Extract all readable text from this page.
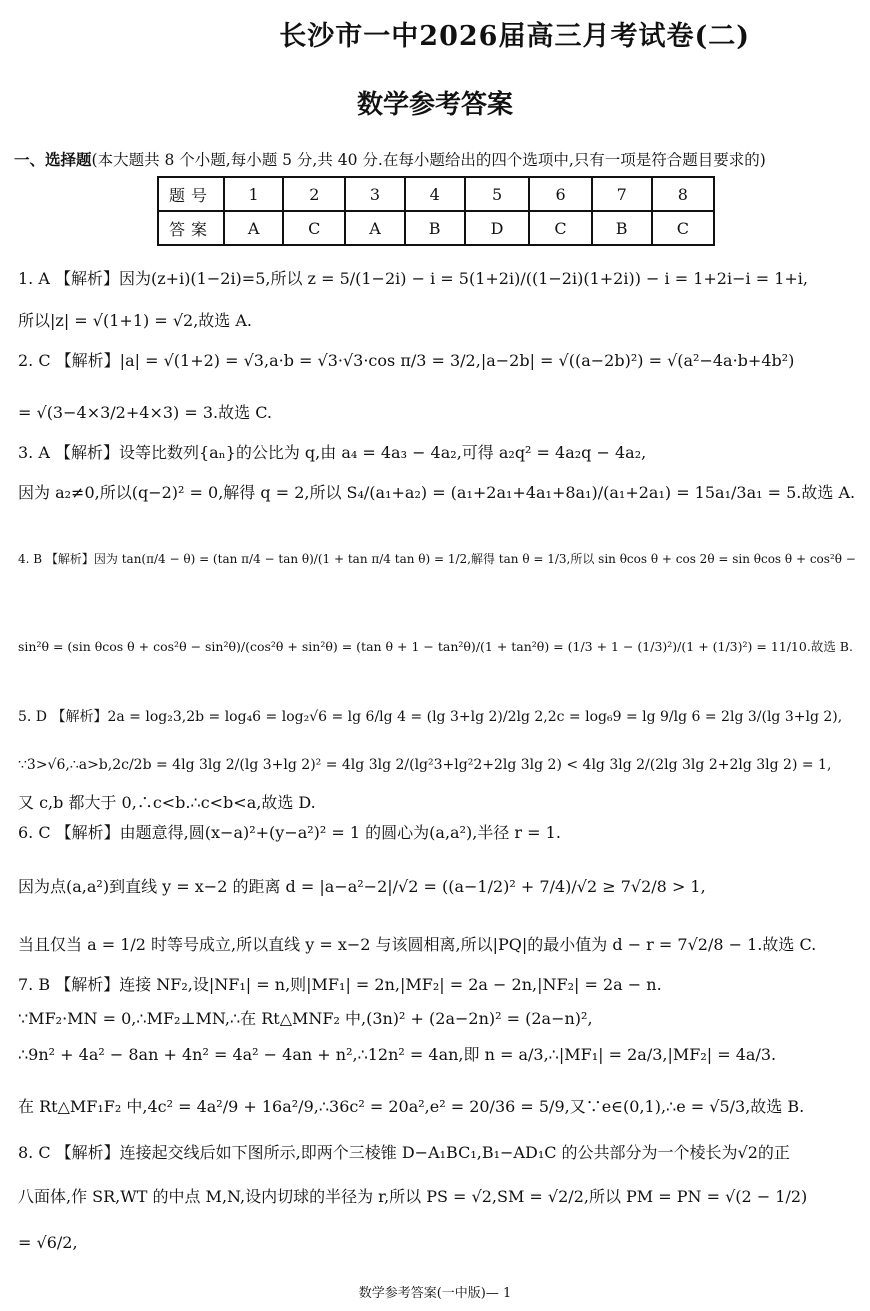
长沙市一中2026届高三月考试卷(二)
数学参考答案
一、选择题(本大题共 8 个小题,每小题 5 分,共 40 分.在每小题给出的四个选项中,只有一项是符合题目要求的)
题号	1	2	3	4	5	6	7	8
答案	A	C	A	B	D	C	B	C
1. A 【解析】因为(z+i)(1−2i)=5,所以 z = 5/(1−2i) − i = 5(1+2i)/((1−2i)(1+2i)) − i = 1+2i−i = 1+i,
所以|z| = √(1+1) = √2,故选 A.
2. C 【解析】|a| = √(1+2) = √3,a·b = √3·√3·cos π/3 = 3/2,|a−2b| = √((a−2b)²) = √(a²−4a·b+4b²)
= √(3−4×3/2+4×3) = 3.故选 C.
3. A 【解析】设等比数列{aₙ}的公比为 q,由 a₄ = 4a₃ − 4a₂,可得 a₂q² = 4a₂q − 4a₂,
因为 a₂≠0,所以(q−2)² = 0,解得 q = 2,所以 S₄/(a₁+a₂) = (a₁+2a₁+4a₁+8a₁)/(a₁+2a₁) = 15a₁/3a₁ = 5.故选 A.
4. B 【解析】因为 tan(π/4 − θ) = (tan π/4 − tan θ)/(1 + tan π/4 tan θ) = 1/2,解得 tan θ = 1/3,所以 sin θcos θ + cos 2θ = sin θcos θ + cos²θ −
sin²θ = (sin θcos θ + cos²θ − sin²θ)/(cos²θ + sin²θ) = (tan θ + 1 − tan²θ)/(1 + tan²θ) = (1/3 + 1 − (1/3)²)/(1 + (1/3)²) = 11/10.故选 B.
5. D 【解析】2a = log₂3,2b = log₄6 = log₂√6 = lg 6/lg 4 = (lg 3+lg 2)/2lg 2,2c = log₆9 = lg 9/lg 6 = 2lg 3/(lg 3+lg 2),
∵3>√6,∴a>b,2c/2b = 4lg 3lg 2/(lg 3+lg 2)² = 4lg 3lg 2/(lg²3+lg²2+2lg 3lg 2) < 4lg 3lg 2/(2lg 3lg 2+2lg 3lg 2) = 1,
又 c,b 都大于 0,∴c<b.∴c<b<a,故选 D.
6. C 【解析】由题意得,圆(x−a)²+(y−a²)² = 1 的圆心为(a,a²),半径 r = 1.
因为点(a,a²)到直线 y = x−2 的距离 d = |a−a²−2|/√2 = ((a−1/2)² + 7/4)/√2 ≥ 7√2/8 > 1,
当且仅当 a = 1/2 时等号成立,所以直线 y = x−2 与该圆相离,所以|PQ|的最小值为 d − r = 7√2/8 − 1.故选 C.
7. B 【解析】连接 NF₂,设|NF₁| = n,则|MF₁| = 2n,|MF₂| = 2a − 2n,|NF₂| = 2a − n.
∵MF₂·MN = 0,∴MF₂⊥MN,∴在 Rt△MNF₂ 中,(3n)² + (2a−2n)² = (2a−n)²,
∴9n² + 4a² − 8an + 4n² = 4a² − 4an + n²,∴12n² = 4an,即 n = a/3,∴|MF₁| = 2a/3,|MF₂| = 4a/3.
在 Rt△MF₁F₂ 中,4c² = 4a²/9 + 16a²/9,∴36c² = 20a²,e² = 20/36 = 5/9,又∵e∈(0,1),∴e = √5/3,故选 B.
8. C 【解析】连接起交线后如下图所示,即两个三棱锥 D−A₁BC₁,B₁−AD₁C 的公共部分为一个棱长为√2的正
八面体,作 SR,WT 的中点 M,N,设内切球的半径为 r,所以 PS = √2,SM = √2/2,所以 PM = PN = √(2 − 1/2)
= √6/2,
数学参考答案(一中版)— 1
